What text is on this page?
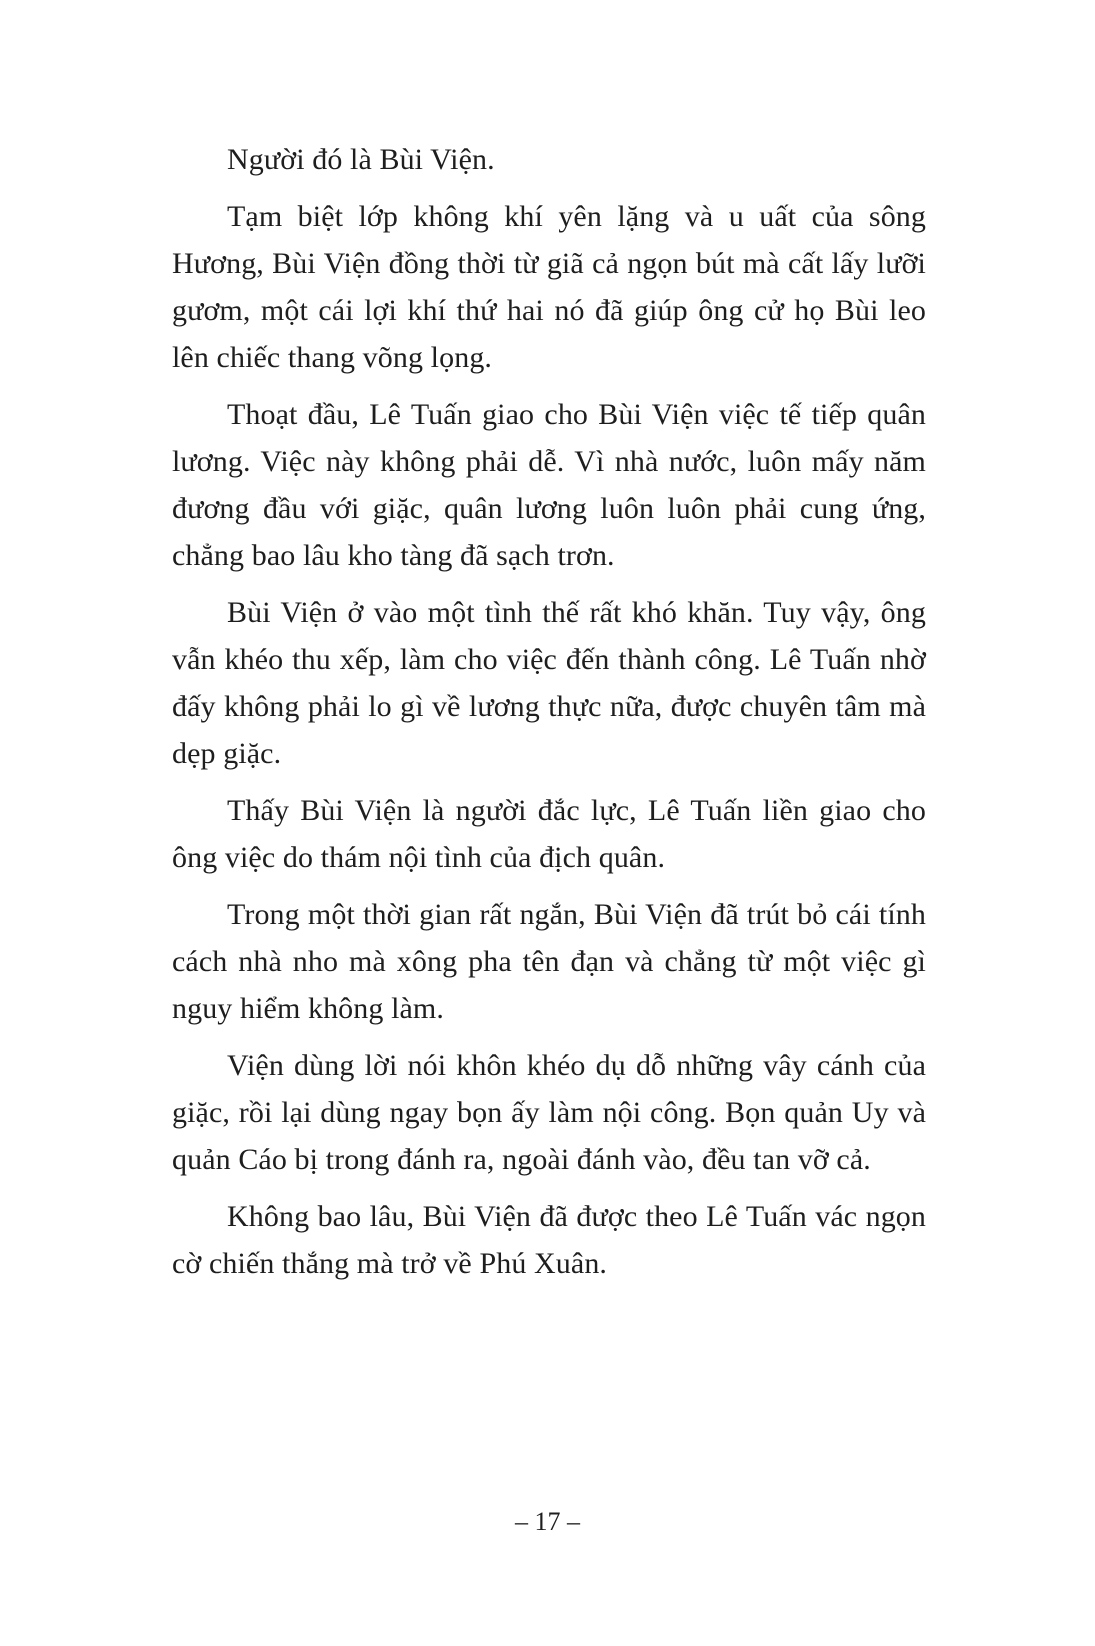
Người đó là Bùi Viện.

Tạm biệt lớp không khí yên lặng và u uất của sông Hương, Bùi Viện đồng thời từ giã cả ngọn bút mà cất lấy lưỡi gươm, một cái lợi khí thứ hai nó đã giúp ông cử họ Bùi leo lên chiếc thang võng lọng.

Thoạt đầu, Lê Tuấn giao cho Bùi Viện việc tế tiếp quân lương. Việc này không phải dễ. Vì nhà nước, luôn mấy năm đương đầu với giặc, quân lương luôn luôn phải cung ứng, chẳng bao lâu kho tàng đã sạch trơn.

Bùi Viện ở vào một tình thế rất khó khăn. Tuy vậy, ông vẫn khéo thu xếp, làm cho việc đến thành công. Lê Tuấn nhờ đấy không phải lo gì về lương thực nữa, được chuyên tâm mà dẹp giặc.

Thấy Bùi Viện là người đắc lực, Lê Tuấn liền giao cho ông việc do thám nội tình của địch quân.

Trong một thời gian rất ngắn, Bùi Viện đã trút bỏ cái tính cách nhà nho mà xông pha tên đạn và chẳng từ một việc gì nguy hiểm không làm.

Viện dùng lời nói khôn khéo dụ dỗ những vây cánh của giặc, rồi lại dùng ngay bọn ấy làm nội công. Bọn quản Uy và quản Cáo bị trong đánh ra, ngoài đánh vào, đều tan vỡ cả.

Không bao lâu, Bùi Viện đã được theo Lê Tuấn vác ngọn cờ chiến thắng mà trở về Phú Xuân.

– 17 –
